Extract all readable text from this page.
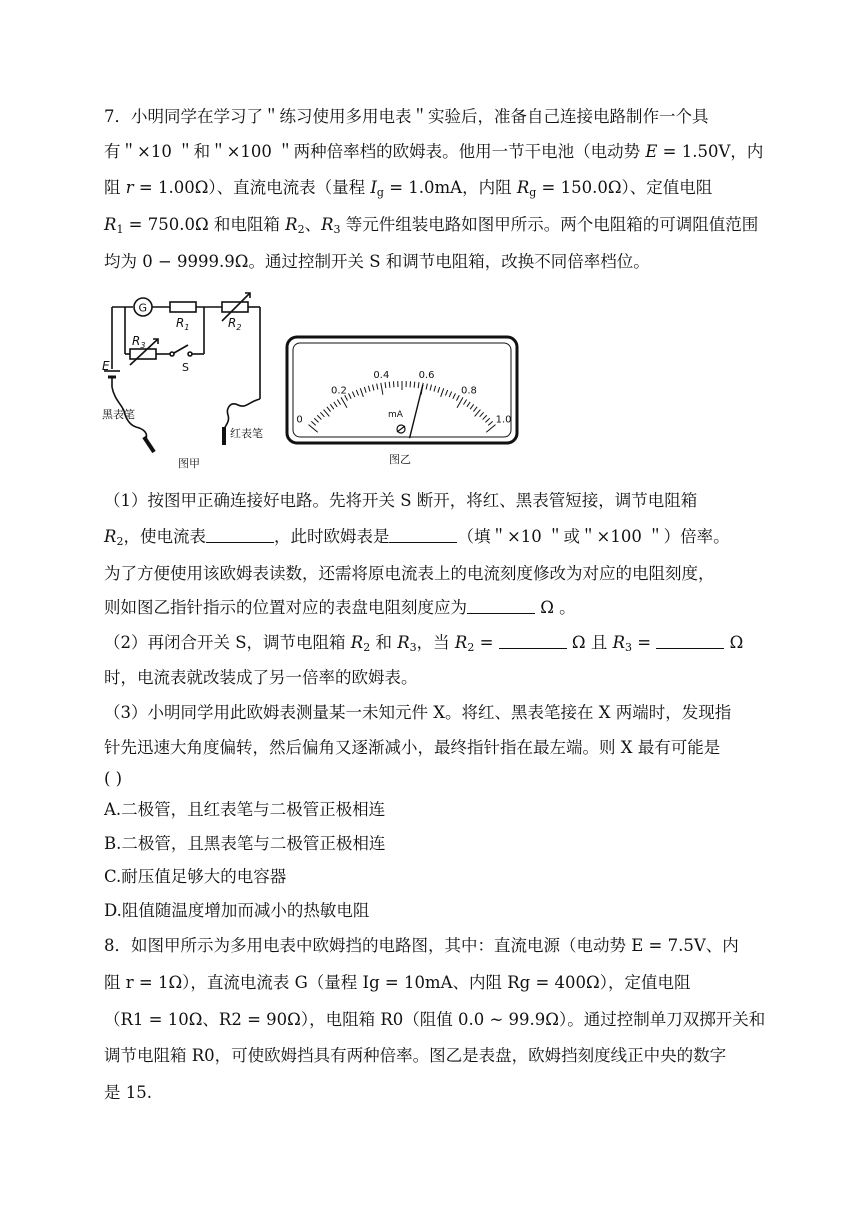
7．小明同学在学习了＂练习使用多用电表＂实验后，准备自己连接电路制作一个具
有＂×10 ＂和＂×100 ＂两种倍率档的欧姆表。他用一节干电池（电动势 E = 1.50V，内
阻 r = 1.00Ω）、直流电流表（量程 $I_g = 1.0mA$，内阻 $R_g = 150.0\Omega$）、定值电阻
$R_1 = 750.0\Omega$ 和电阻箱 $R_2$、$R_3$ 等元件组装电路如图甲所示。两个电阻箱的可调阻值范围
均为 0 − 9999.9Ω。通过控制开关 S 和调节电阻箱，改换不同倍率档位。
G
$R_1$	$R_2$
$R_3$
S
E
黑表笔
红表笔
图甲
0
0.2
0.4	0.6
0.8
1.0
mA
图乙
（1）按图甲正确连接好电路。先将开关 S 断开，将红、黑表管短接，调节电阻箱
$R_2$，使电流表	，此时欧姆表是	（填＂×10 ＂或＂×100 ＂）倍率。
为了方便使用该欧姆表读数，还需将原电流表上的电流刻度修改为对应的电阻刻度，
则如图乙指针指示的位置对应的表盘电阻刻度应为	Ω 。
（2）再闭合开关 S，调节电阻箱 $R_2$ 和 $R_3$，当 $R_2$ =	Ω 且 $R_3$ =	Ω
时，电流表就改装成了另一倍率的欧姆表。
（3）小明同学用此欧姆表测量某一未知元件 X。将红、黑表笔接在 X 两端时，发现指
针先迅速大角度偏转，然后偏角又逐渐减小，最终指针指在最左端。则 X 最有可能是
( )
A.二极管，且红表笔与二极管正极相连
B.二极管，且黑表笔与二极管正极相连
C.耐压值足够大的电容器
D.阻值随温度增加而减小的热敏电阻
8．如图甲所示为多用电表中欧姆挡的电路图，其中：直流电源（电动势 E = 7.5V、内
阻 r = 1Ω），直流电流表 G（量程 Ig = 10mA、内阻 Rg = 400Ω），定值电阻
（R1 = 10Ω、R2 = 90Ω），电阻箱 R0（阻值 0.0 ~ 99.9Ω）。通过控制单刀双掷开关和
调节电阻箱 R0，可使欧姆挡具有两种倍率。图乙是表盘，欧姆挡刻度线正中央的数字
是 15.
